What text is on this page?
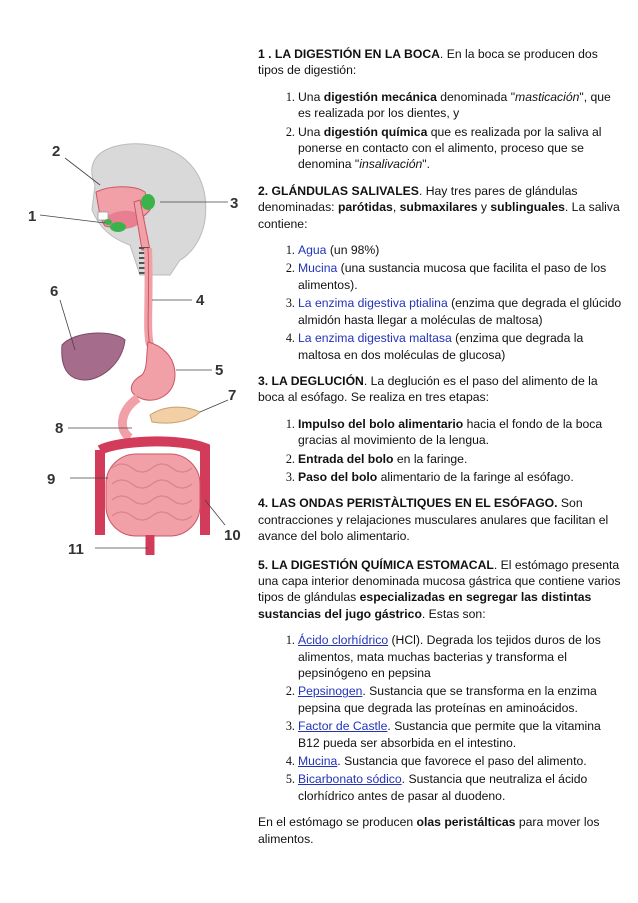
1
2
3
4
5
6
7
8
9
10
11
1 . LA DIGESTIÓN EN LA BOCA. En la boca se producen dos tipos de digestión:
1. Una digestión mecánica denominada "masticación", que es realizada por los dientes, y
2. Una digestión química que es realizada por la saliva al ponerse en contacto con el alimento, proceso que se denomina "insalivación".
2. GLÁNDULAS SALIVALES. Hay tres pares de glándulas denominadas: parótidas, submaxilares y sublinguales. La saliva contiene:
1. Agua (un 98%)
2. Mucina (una sustancia mucosa que facilita el paso de los alimentos).
3. La enzima digestiva ptialina (enzima que degrada el glúcido almidón hasta llegar a moléculas de maltosa)
4. La enzima digestiva maltasa (enzima que degrada la maltosa en dos moléculas de glucosa)
3. LA DEGLUCIÓN. La deglución es el paso del alimento de la boca al esófago. Se realiza en tres etapas:
1. Impulso del bolo alimentario hacia el fondo de la boca gracias al movimiento de la lengua.
2. Entrada del bolo en la faringe.
3. Paso del bolo alimentario de la faringe al esófago.
4. LAS ONDAS PERISTÀLTIQUES EN EL ESÓFAGO. Son contracciones y relajaciones musculares anulares que facilitan el avance del bolo alimentario.
5. LA DIGESTIÓN QUÍMICA ESTOMACAL. El estómago presenta una capa interior denominada mucosa gástrica que contiene varios tipos de glándulas especializadas en segregar las distintas sustancias del jugo gástrico. Estas son:
1. Ácido clorhídrico (HCl). Degrada los tejidos duros de los alimentos, mata muchas bacterias y transforma el pepsinógeno en pepsina
2. Pepsinogen. Sustancia que se transforma en la enzima pepsina que degrada las proteínas en aminoácidos.
3. Factor de Castle. Sustancia que permite que la vitamina B12 pueda ser absorbida en el intestino.
4. Mucina. Sustancia que favorece el paso del alimento.
5. Bicarbonato sódico. Sustancia que neutraliza el ácido clorhídrico antes de pasar al duodeno.
En el estómago se producen olas peristálticas para mover los alimentos.
